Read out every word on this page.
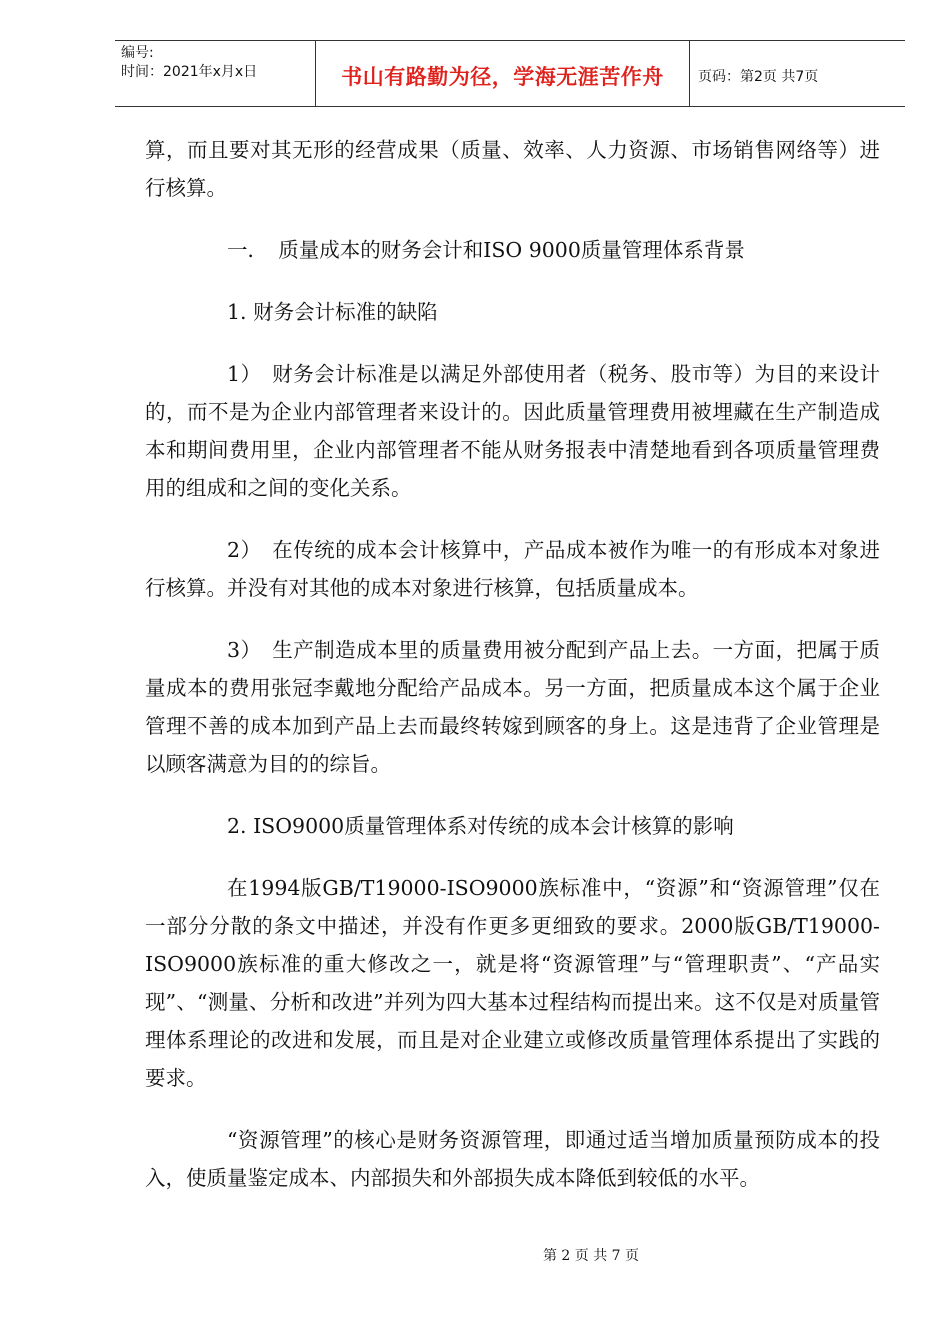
编号:
时间：2021年x月x日	书山有路勤为径，学海无涯苦作舟	页码：第2页 共7页

算，而且要对其无形的经营成果（质量、效率、人力资源、市场销售网络等）进行核算。

一．　质量成本的财务会计和ISO 9000质量管理体系背景

1. 财务会计标准的缺陷

1）　财务会计标准是以满足外部使用者（税务、股市等）为目的来设计的，而不是为企业内部管理者来设计的。因此质量管理费用被埋藏在生产制造成本和期间费用里，企业内部管理者不能从财务报表中清楚地看到各项质量管理费用的组成和之间的变化关系。

2）　在传统的成本会计核算中，产品成本被作为唯一的有形成本对象进行核算。并没有对其他的成本对象进行核算，包括质量成本。

3）　生产制造成本里的质量费用被分配到产品上去。一方面，把属于质量成本的费用张冠李戴地分配给产品成本。另一方面，把质量成本这个属于企业管理不善的成本加到产品上去而最终转嫁到顾客的身上。这是违背了企业管理是以顾客满意为目的的综旨。

2. ISO9000质量管理体系对传统的成本会计核算的影响

在1994版GB/T19000-ISO9000族标准中，“资源”和“资源管理”仅在一部分分散的条文中描述，并没有作更多更细致的要求。2000版GB/T19000-ISO9000族标准的重大修改之一，就是将“资源管理”与“管理职责”、“产品实现”、“测量、分析和改进”并列为四大基本过程结构而提出来。这不仅是对质量管理体系理论的改进和发展，而且是对企业建立或修改质量管理体系提出了实践的要求。

“资源管理”的核心是财务资源管理，即通过适当增加质量预防成本的投入，使质量鉴定成本、内部损失和外部损失成本降低到较低的水平。

第 2 页 共 7 页
